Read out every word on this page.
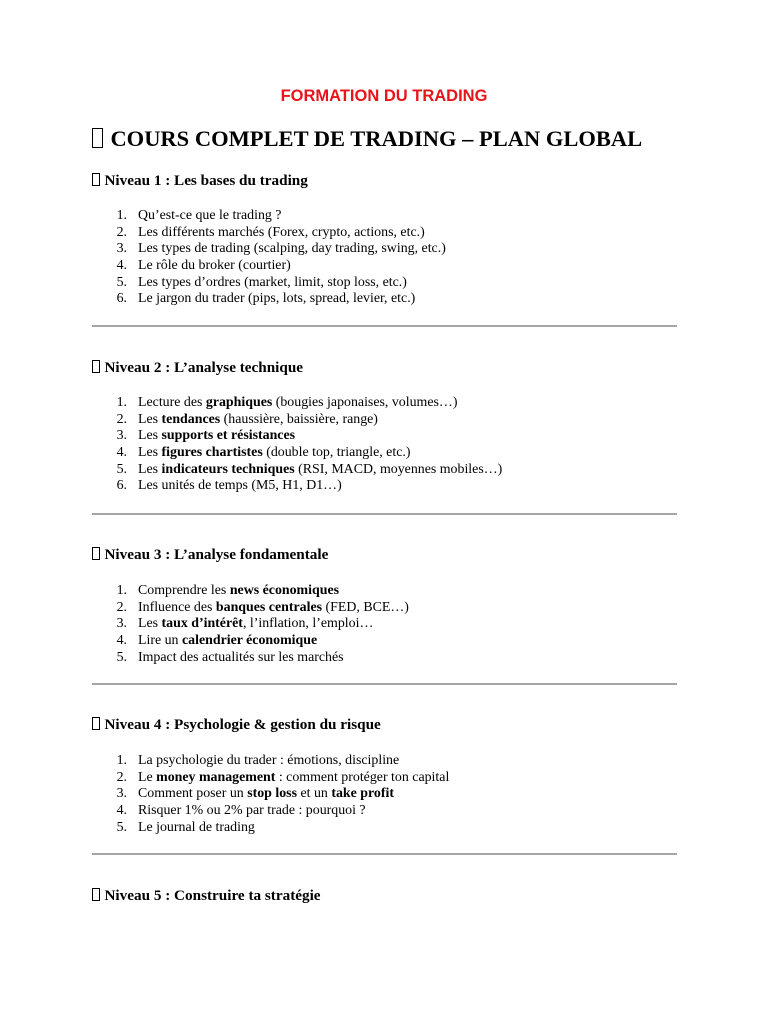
FORMATION DU TRADING
COURS COMPLET DE TRADING – PLAN GLOBAL
Niveau 1 : Les bases du trading
1. Qu’est-ce que le trading ?
2. Les différents marchés (Forex, crypto, actions, etc.)
3. Les types de trading (scalping, day trading, swing, etc.)
4. Le rôle du broker (courtier)
5. Les types d’ordres (market, limit, stop loss, etc.)
6. Le jargon du trader (pips, lots, spread, levier, etc.)
Niveau 2 : L’analyse technique
1. Lecture des graphiques (bougies japonaises, volumes…)
2. Les tendances (haussière, baissière, range)
3. Les supports et résistances
4. Les figures chartistes (double top, triangle, etc.)
5. Les indicateurs techniques (RSI, MACD, moyennes mobiles…)
6. Les unités de temps (M5, H1, D1…)
Niveau 3 : L’analyse fondamentale
1. Comprendre les news économiques
2. Influence des banques centrales (FED, BCE…)
3. Les taux d’intérêt, l’inflation, l’emploi…
4. Lire un calendrier économique
5. Impact des actualités sur les marchés
Niveau 4 : Psychologie & gestion du risque
1. La psychologie du trader : émotions, discipline
2. Le money management : comment protéger ton capital
3. Comment poser un stop loss et un take profit
4. Risquer 1% ou 2% par trade : pourquoi ?
5. Le journal de trading
Niveau 5 : Construire ta stratégie
